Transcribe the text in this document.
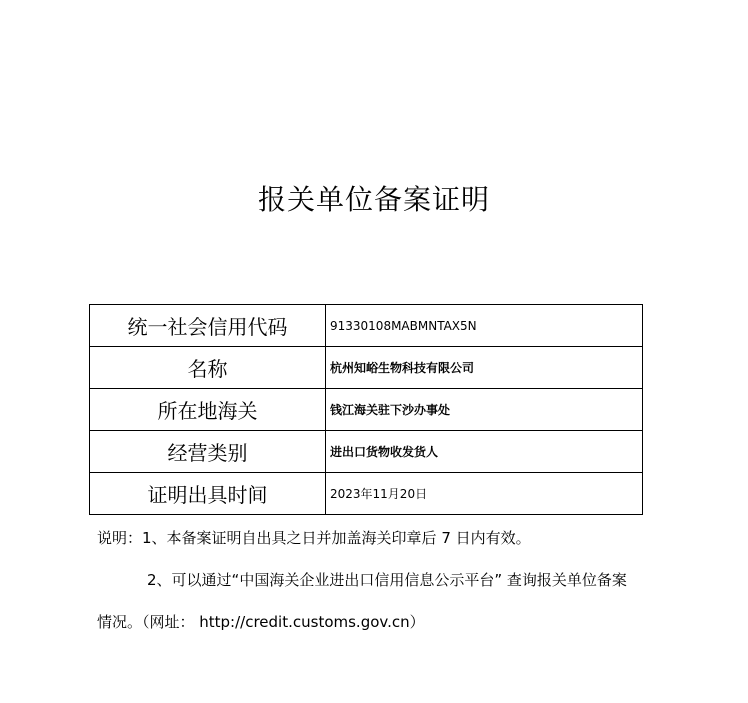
报关单位备案证明
统一社会信用代码	91330108MABMNTAX5N
名称	杭州知峪生物科技有限公司
所在地海关	钱江海关驻下沙办事处
经营类别	进出口货物收发货人
证明出具时间	2023年11月20日
说明：1、本备案证明自出具之日并加盖海关印章后 7 日内有效。
2、可以通过“中国海关企业进出口信用信息公示平台” 查询报关单位备案
情况。（网址： http://credit.customs.gov.cn）
